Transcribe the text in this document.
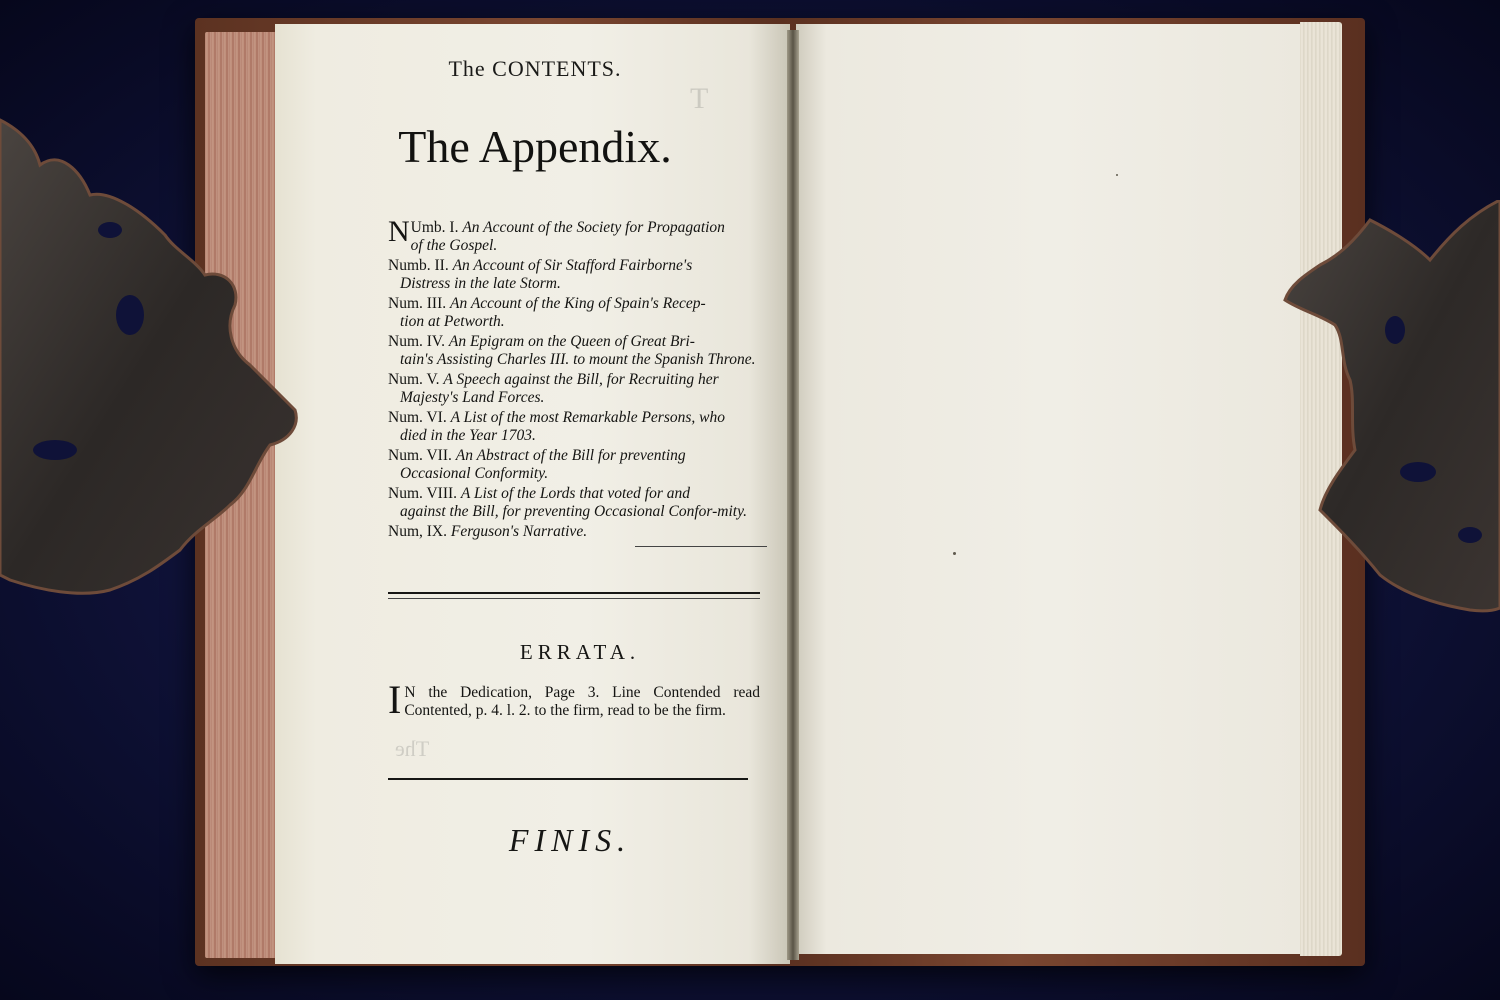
T
The
The CONTENTS.
The Appendix.
N Umb. I. An Account of the Society for Propagation
of the Gospel.
Numb. II. An Account of Sir Stafford Fairborne's
Distress in the late Storm.
Num. III. An Account of the King of Spain's Recep-
tion at Petworth.
Num. IV. An Epigram on the Queen of Great Bri-
tain's Assisting Charles III. to mount the Spanish Throne.
Num. V. A Speech against the Bill, for Recruiting her
Majesty's Land Forces.
Num. VI. A List of the most Remarkable Persons, who
died in the Year 1703.
Num. VII. An Abstract of the Bill for preventing
Occasional Conformity.
Num. VIII. A List of the Lords that voted for and
against the Bill, for preventing Occasional Confor-mity.
Num, IX. Ferguson's Narrative.
ERRATA.
I N the Dedication, Page 3. Line Contended read Contented, p. 4. l. 2. to the firm, read to be the firm.
FINIS.
